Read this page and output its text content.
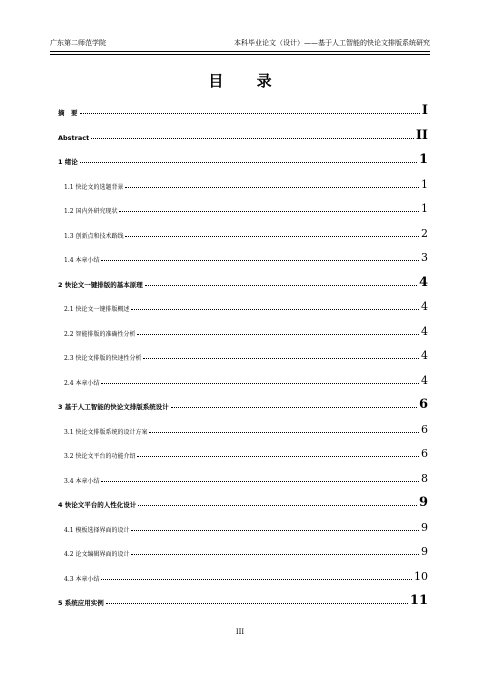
广东第二师范学院	本科毕业论文（设计）——基于人工智能的快论文排版系统研究
目 录
摘　要	I
Abstract	II
1 绪论	1
1.1 快论文的选题背景	1
1.2 国内外研究现状	1
1.3 创新点和技术路线	2
1.4 本章小结	3
2 快论文一键排版的基本原理	4
2.1 快论文一键排版概述	4
2.2 智能排版的准确性分析	4
2.3 快论文排版的快速性分析	4
2.4 本章小结	4
3 基于人工智能的快论文排版系统设计	6
3.1 快论文排版系统的设计方案	6
3.2 快论文平台的功能介绍	6
3.4 本章小结	8
4 快论文平台的人性化设计	9
4.1 模板选择界面的设计	9
4.2 论文编辑界面的设计	9
4.3 本章小结	10
5 系统应用实例	11
III
